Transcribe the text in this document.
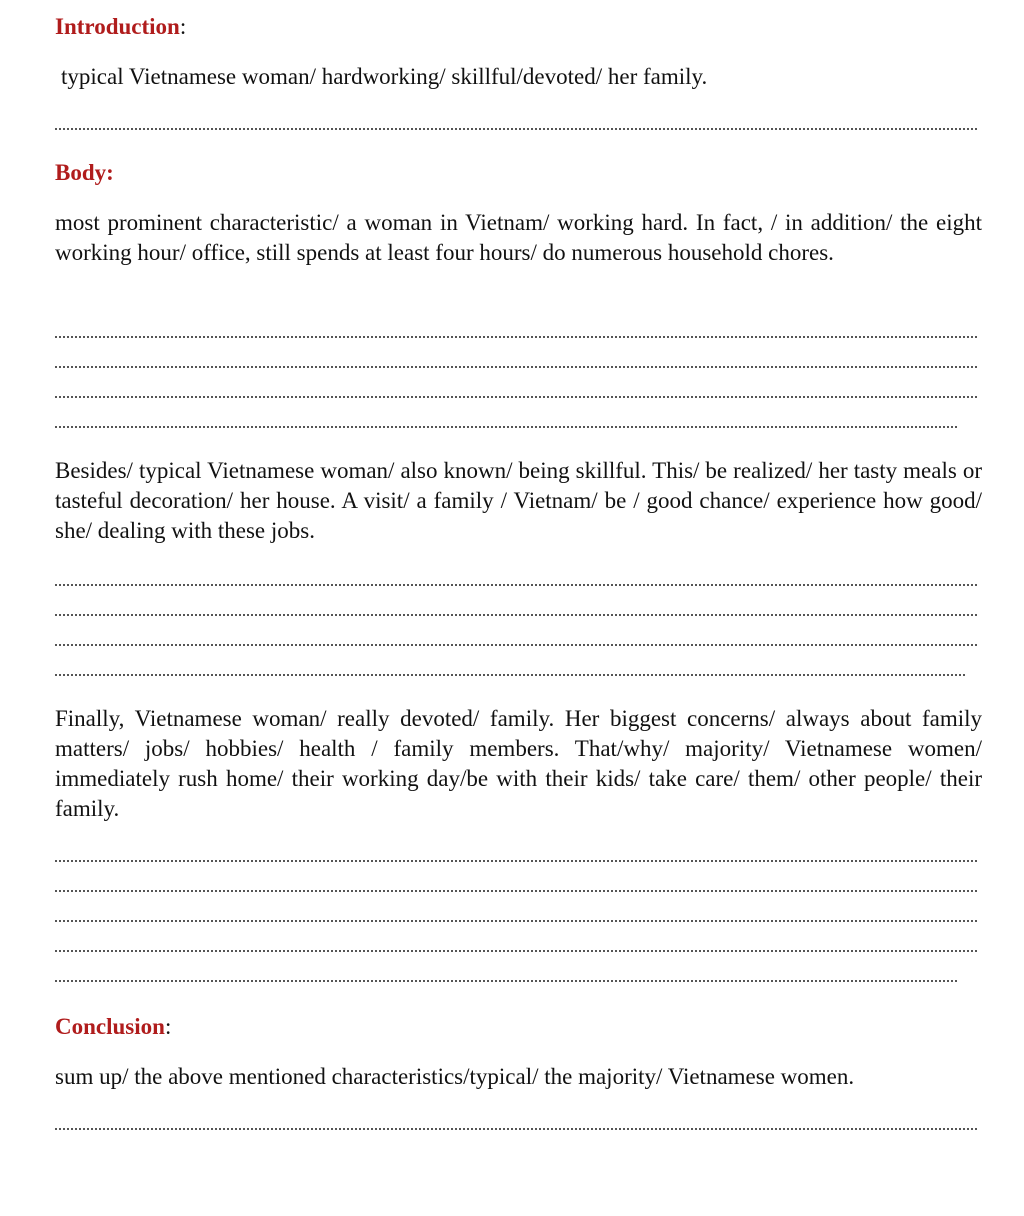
Introduction:

typical Vietnamese woman/ hardworking/ skillful/devoted/ her family.

Body:

most prominent characteristic/ a woman in Vietnam/ working hard. In fact, / in addition/ the eight working hour/ office, still spends at least four hours/ do numerous household chores.

Besides/ typical Vietnamese woman/ also known/ being skillful. This/ be realized/ her tasty meals or tasteful decoration/ her house. A visit/ a family / Vietnam/ be / good chance/ experience how good/ she/ dealing with these jobs.

Finally, Vietnamese woman/ really devoted/ family. Her biggest concerns/ always about family matters/ jobs/ hobbies/ health / family members. That/why/ majority/ Vietnamese women/ immediately rush home/ their working day/be with their kids/ take care/ them/ other people/ their family.

Conclusion:

sum up/ the above mentioned characteristics/typical/ the majority/ Vietnamese women.
